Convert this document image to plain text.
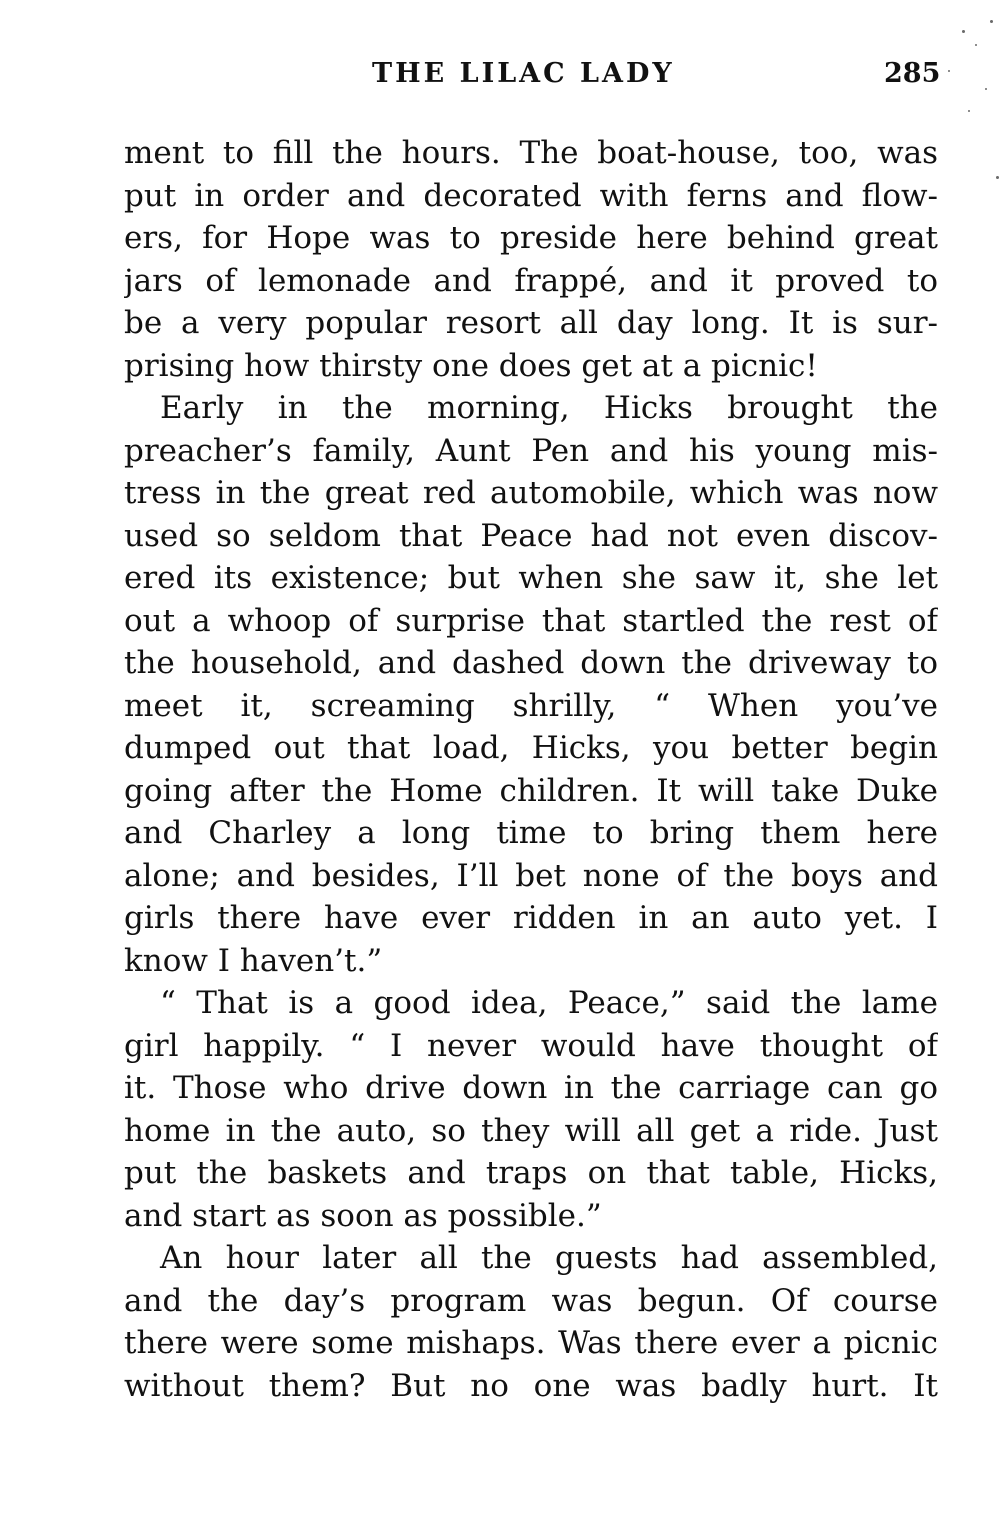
THE LILAC LADY	285
ment to fill the hours. The boat-house, too, was
put in order and decorated with ferns and flow-
ers, for Hope was to preside here behind great
jars of lemonade and frappé, and it proved to
be a very popular resort all day long. It is sur-
prising how thirsty one does get at a picnic!
Early in the morning, Hicks brought the
preacher’s family, Aunt Pen and his young mis-
tress in the great red automobile, which was now
used so seldom that Peace had not even discov-
ered its existence; but when she saw it, she let
out a whoop of surprise that startled the rest of
the household, and dashed down the driveway to
meet it, screaming shrilly, “ When you’ve
dumped out that load, Hicks, you better begin
going after the Home children. It will take Duke
and Charley a long time to bring them here
alone; and besides, I’ll bet none of the boys and
girls there have ever ridden in an auto yet. I
know I haven’t.”
“ That is a good idea, Peace,” said the lame
girl happily. “ I never would have thought of
it. Those who drive down in the carriage can go
home in the auto, so they will all get a ride. Just
put the baskets and traps on that table, Hicks,
and start as soon as possible.”
An hour later all the guests had assembled,
and the day’s program was begun. Of course
there were some mishaps. Was there ever a picnic
without them? But no one was badly hurt. It
